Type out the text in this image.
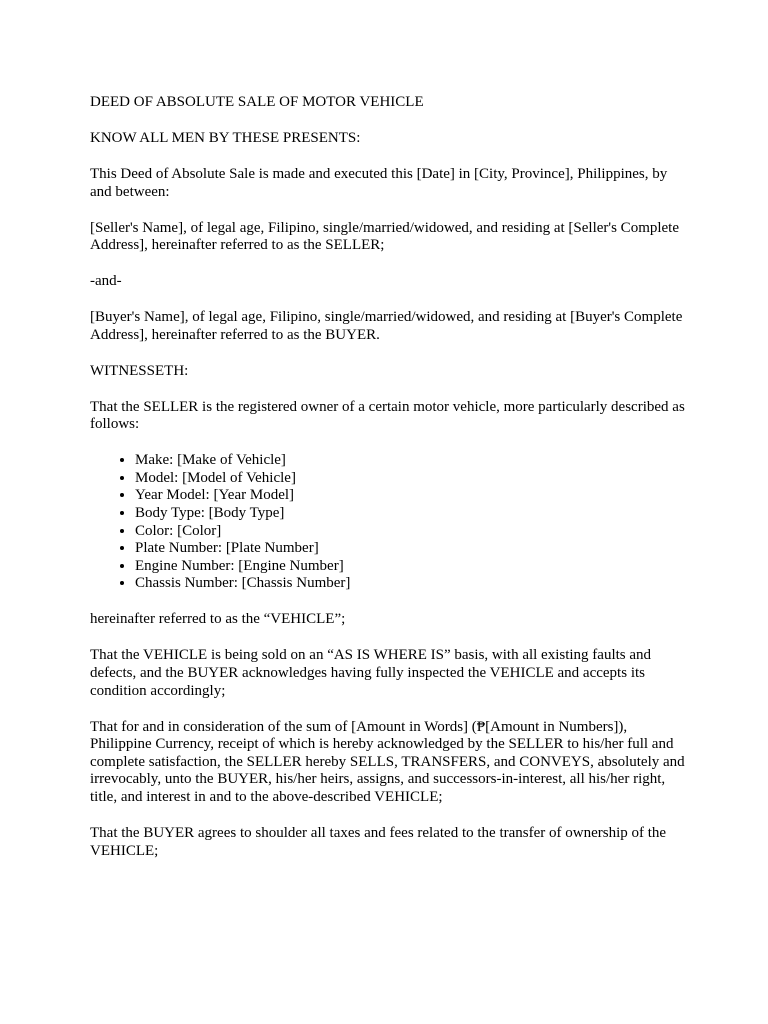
DEED OF ABSOLUTE SALE OF MOTOR VEHICLE

KNOW ALL MEN BY THESE PRESENTS:

This Deed of Absolute Sale is made and executed this [Date] in [City, Province], Philippines, by and between:

[Seller's Name], of legal age, Filipino, single/married/widowed, and residing at [Seller's Complete Address], hereinafter referred to as the SELLER;

-and-

[Buyer's Name], of legal age, Filipino, single/married/widowed, and residing at [Buyer's Complete Address], hereinafter referred to as the BUYER.

WITNESSETH:

That the SELLER is the registered owner of a certain motor vehicle, more particularly described as follows:

• Make: [Make of Vehicle]
• Model: [Model of Vehicle]
• Year Model: [Year Model]
• Body Type: [Body Type]
• Color: [Color]
• Plate Number: [Plate Number]
• Engine Number: [Engine Number]
• Chassis Number: [Chassis Number]

hereinafter referred to as the “VEHICLE”;

That the VEHICLE is being sold on an “AS IS WHERE IS” basis, with all existing faults and defects, and the BUYER acknowledges having fully inspected the VEHICLE and accepts its condition accordingly;

That for and in consideration of the sum of [Amount in Words] (₱[Amount in Numbers]), Philippine Currency, receipt of which is hereby acknowledged by the SELLER to his/her full and complete satisfaction, the SELLER hereby SELLS, TRANSFERS, and CONVEYS, absolutely and irrevocably, unto the BUYER, his/her heirs, assigns, and successors-in-interest, all his/her right, title, and interest in and to the above-described VEHICLE;

That the BUYER agrees to shoulder all taxes and fees related to the transfer of ownership of the VEHICLE;
